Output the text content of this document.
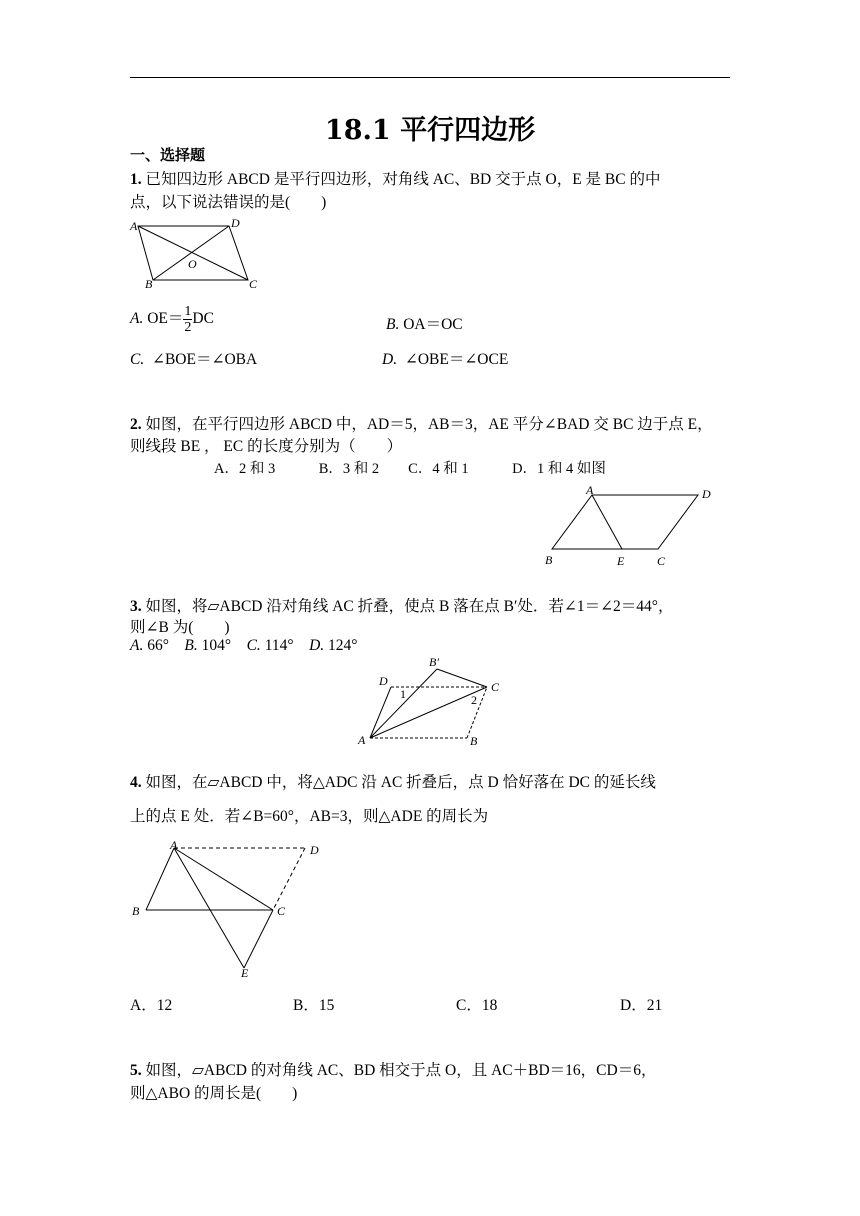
18.1 平行四边形
一、选择题
1. 已知四边形 ABCD 是平行四边形，对角线 AC、BD 交于点 O，E 是 BC 的中
点，以下说法错误的是(　　)
A	D
B	C
O
A. $OE= \frac{1}{2}$ DC	B. OA＝OC
C. ∠BOE＝∠OBA	D. ∠OBE＝∠OCE
2. 如图，在平行四边形 ABCD 中，AD＝5，AB＝3，AE 平分∠BAD 交 BC 边于点 E，
则线段 BE ， EC 的长度分别为（　　）
A．2 和 3　　　B．3 和 2　　C．4 和 1　　　D．1 和 4 如图
A	D
B	E	C
3. 如图，将▱ABCD 沿对角线 AC 折叠，使点 B 落在点 B′处．若∠1＝∠2＝44°，
则∠B 为(　　)
A. 66° B. 104° C. 114° D. 124°
A
D
B′
C
B
1	2
4. 如图，在▱ABCD 中，将△ADC 沿 AC 折叠后，点 D 恰好落在 DC 的延长线
上的点 E 处．若∠B=60°，AB=3，则△ADE 的周长为
A	D
B	C
E
A．12	B．15	C．18	D．21
5. 如图，▱ABCD 的对角线 AC、BD 相交于点 O，且 AC＋BD＝16，CD＝6，
则△ABO 的周长是(　　)
